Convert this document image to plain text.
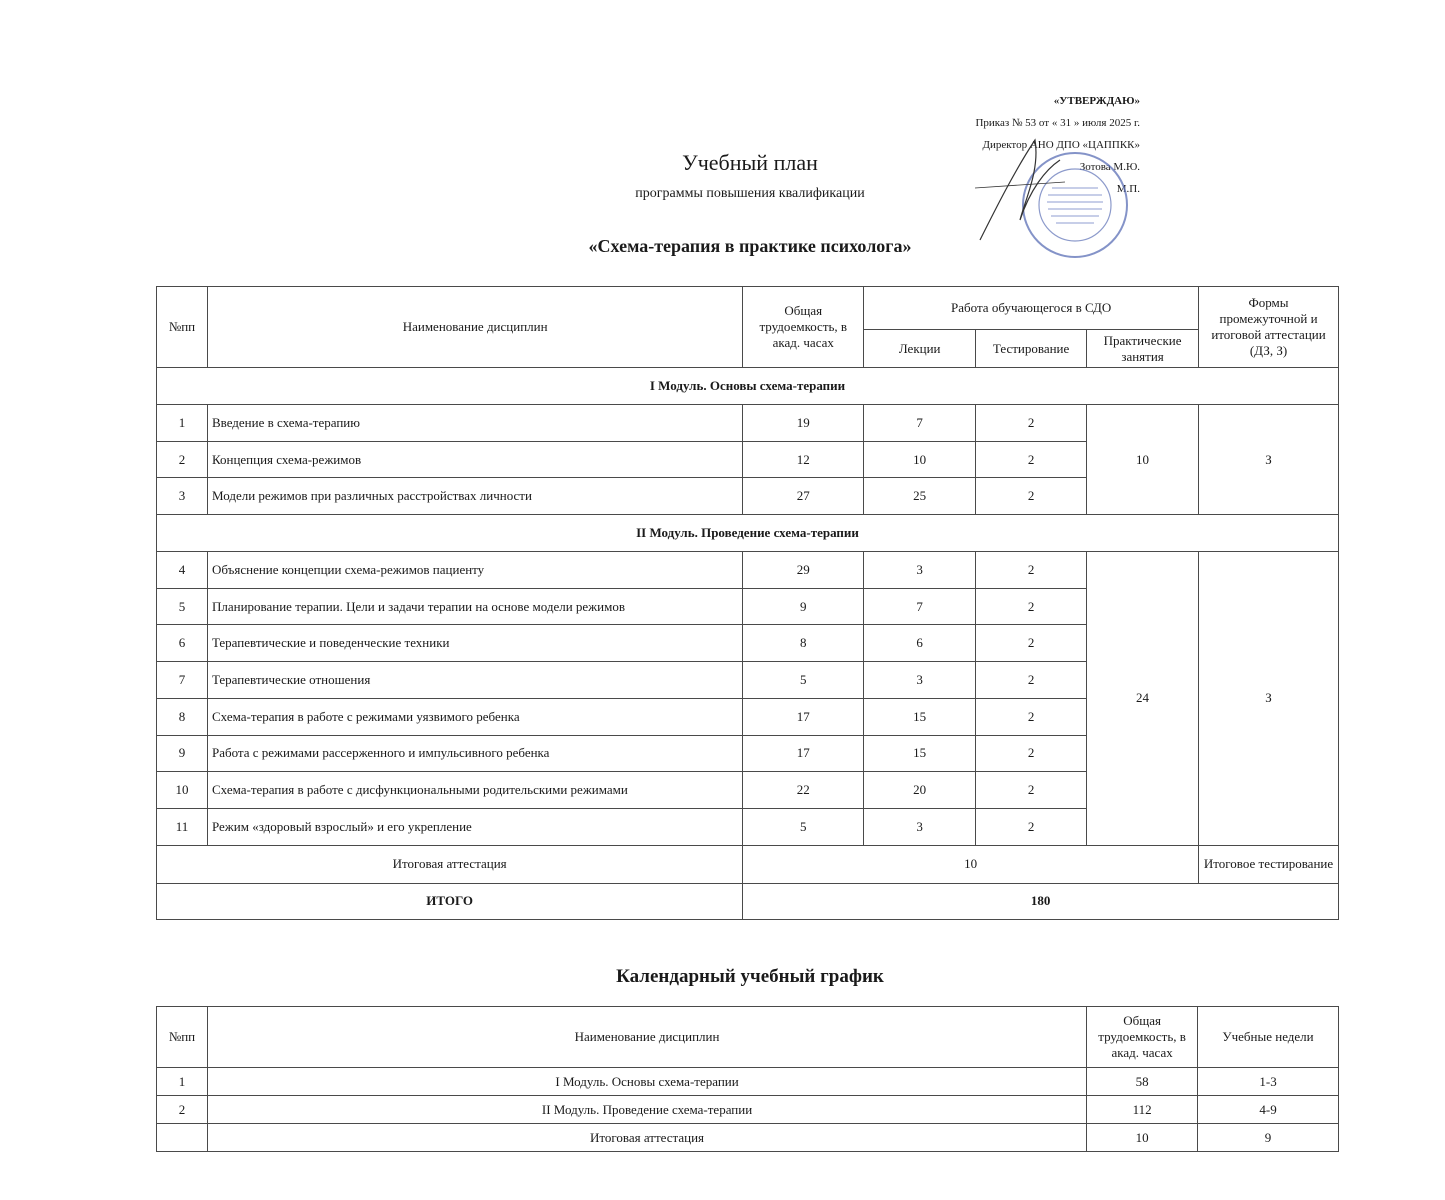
«УТВЕРЖДАЮ»
Приказ № 53 от « 31 » июля 2025 г.
Директор АНО ДПО «ЦАППКК»
Зотова М.Ю.
М.П.
Учебный план
программы повышения квалификации
«Схема-терапия в практике психолога»
№пп	Наименование дисциплин	Общая трудоемкость, в акад. часах	Работа обучающегося в СДО			Формы промежуточной и итоговой аттестации (ДЗ, З)
			Лекции	Тестирование	Практические занятия	
I Модуль. Основы схема-терапии						
1	Введение в схема-терапию	19	7	2	10	З
2	Концепция схема-режимов	12	10	2		
3	Модели режимов при различных расстройствах личности	27	25	2		
II Модуль. Проведение схема-терапии						
4	Объяснение концепции схема-режимов пациенту	29	3	2	24	З
5	Планирование терапии. Цели и задачи терапии на основе модели режимов	9	7	2		
6	Терапевтические и поведенческие техники	8	6	2		
7	Терапевтические отношения	5	3	2		
8	Схема-терапия в работе с режимами уязвимого ребенка	17	15	2		
9	Работа с режимами рассерженного и импульсивного ребенка	17	15	2		
10	Схема-терапия в работе с дисфункциональными родительскими режимами	22	20	2		
11	Режим «здоровый взрослый» и его укрепление	5	3	2		
Итоговая аттестация		10				Итоговое тестирование
ИТОГО		180				
Календарный учебный график
№пп	Наименование дисциплин	Общая трудоемкость, в акад. часах	Учебные недели
1	I Модуль. Основы схема-терапии	58	1-3
2	II Модуль. Проведение схема-терапии	112	4-9
	Итоговая аттестация	10	9
